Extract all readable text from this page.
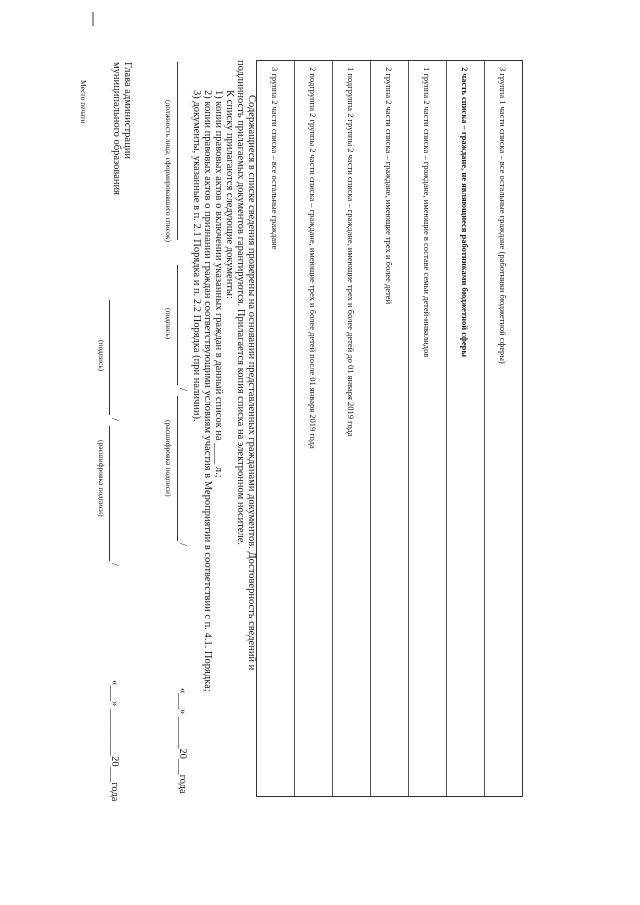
3 группа 1 части списка – все остальные граждане (работники бюджетной сферы)
2 часть списка – граждане, не являющиеся работниками бюджетной сферы
1 группа 2 части списка – граждане, имеющие в составе семьи детей-инвалидов
2 группа 2 части списка – граждане, имеющие трех и более детей
1 подгруппа 2 группы 2 части списка – граждане, имеющие трех и более детей до 01 января 2019 года
2 подгруппа 2 группы 2 части списка – граждане, имеющие трех и более детей после 01 января 2019 года
3 группа 2 части списка – все остальные граждане
Содержащиеся в списке сведения проверены на основании представленных гражданами документов. Достоверность сведений и
подлинность прилагаемых документов гарантируются. Прилагается копия списка на электронном носителе.
К списку прилагаются следующие документы:
1) копии правовых актов о включении указанных граждан в данный список на ____ л.;
2) копии правовых актов о признании граждан соответствующими условиям участия в Мероприятии в соответствии с п. 4.1. Порядка;
3) документы, указанные в п. 2.1 Порядка и п. 2.2 Порядка (при наличии).
(должность лица, сформировавшего список)
(подпись)
/
(расшифровка подписи)
/
«___» ______20___года
Глава администрации
муниципального образования
(подпись)
/
(расшифровка подписи)
/
«___» _________20___года
Место печати
